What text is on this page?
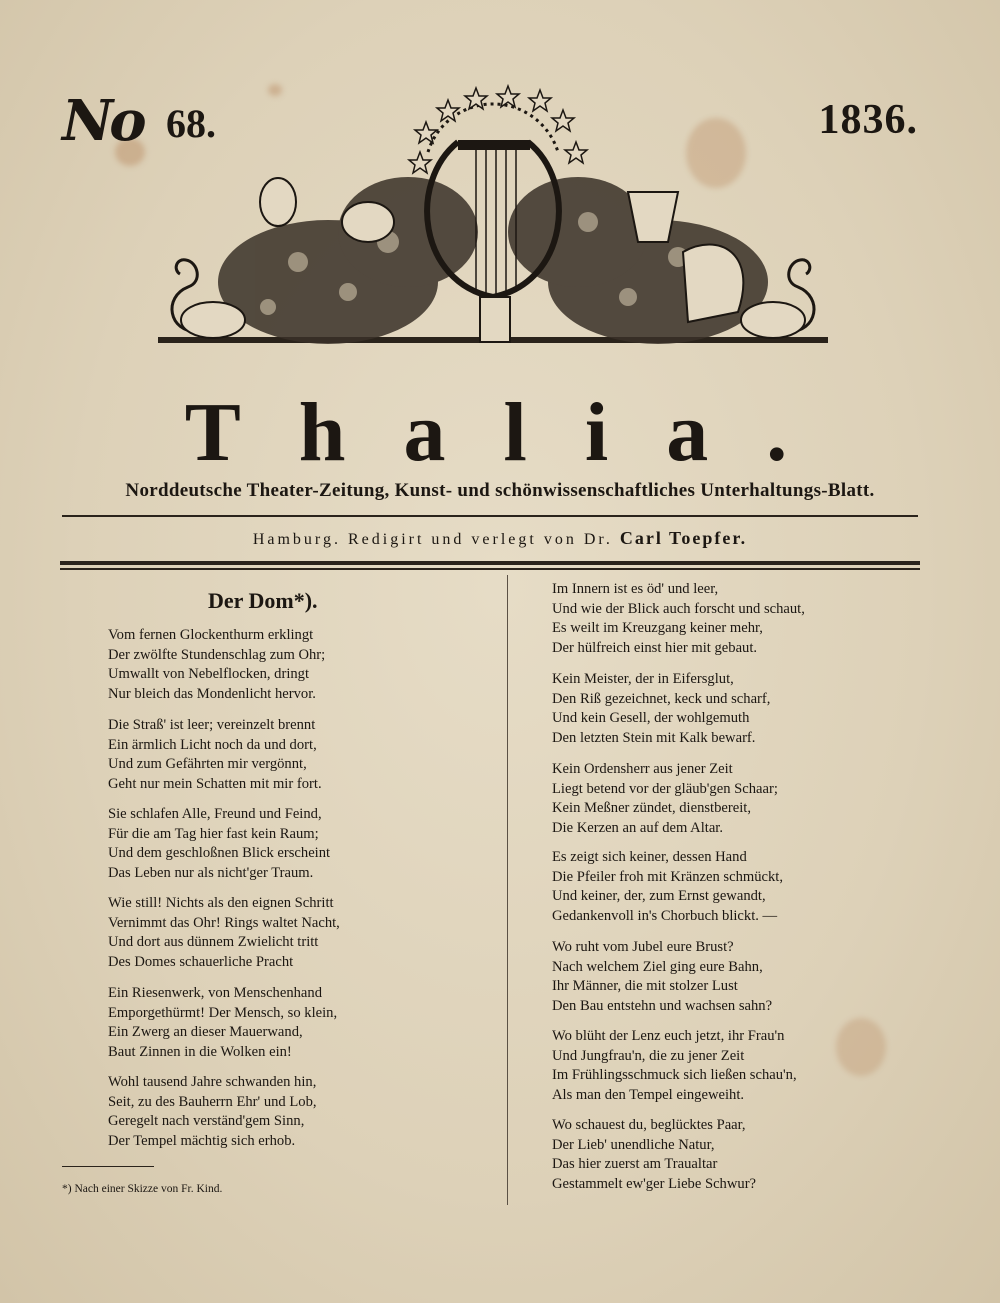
No 68.	1836.
Thalia.
Norddeutsche Theater-Zeitung, Kunst- und schönwissenschaftliches Unterhaltungs-Blatt.
Hamburg. Redigirt und verlegt von Dr. Carl Toepfer.
Der Dom*).
Vom fernen Glockenthurm erklingt
Der zwölfte Stundenschlag zum Ohr;
Umwallt von Nebelflocken, dringt
Nur bleich das Mondenlicht hervor.
Die Straß' ist leer; vereinzelt brennt
Ein ärmlich Licht noch da und dort,
Und zum Gefährten mir vergönnt,
Geht nur mein Schatten mit mir fort.
Sie schlafen Alle, Freund und Feind,
Für die am Tag hier fast kein Raum;
Und dem geschloßnen Blick erscheint
Das Leben nur als nicht'ger Traum.
Wie still! Nichts als den eignen Schritt
Vernimmt das Ohr! Rings waltet Nacht,
Und dort aus dünnem Zwielicht tritt
Des Domes schauerliche Pracht
Ein Riesenwerk, von Menschenhand
Emporgethürmt! Der Mensch, so klein,
Ein Zwerg an dieser Mauerwand,
Baut Zinnen in die Wolken ein!
Wohl tausend Jahre schwanden hin,
Seit, zu des Bauherrn Ehr' und Lob,
Geregelt nach verständ'gem Sinn,
Der Tempel mächtig sich erhob.
Im Innern ist es öd' und leer,
Und wie der Blick auch forscht und schaut,
Es weilt im Kreuzgang keiner mehr,
Der hülfreich einst hier mit gebaut.
Kein Meister, der in Eifersglut,
Den Riß gezeichnet, keck und scharf,
Und kein Gesell, der wohlgemuth
Den letzten Stein mit Kalk bewarf.
Kein Ordensherr aus jener Zeit
Liegt betend vor der gläub'gen Schaar;
Kein Meßner zündet, dienstbereit,
Die Kerzen an auf dem Altar.
Es zeigt sich keiner, dessen Hand
Die Pfeiler froh mit Kränzen schmückt,
Und keiner, der, zum Ernst gewandt,
Gedankenvoll in's Chorbuch blickt. —
Wo ruht vom Jubel eure Brust?
Nach welchem Ziel ging eure Bahn,
Ihr Männer, die mit stolzer Lust
Den Bau entstehn und wachsen sahn?
Wo blüht der Lenz euch jetzt, ihr Frau'n
Und Jungfrau'n, die zu jener Zeit
Im Frühlingsschmuck sich ließen schau'n,
Als man den Tempel eingeweiht.
Wo schauest du, beglücktes Paar,
Der Lieb' unendliche Natur,
Das hier zuerst am Traualtar
Gestammelt ew'ger Liebe Schwur?
*) Nach einer Skizze von Fr. Kind.
